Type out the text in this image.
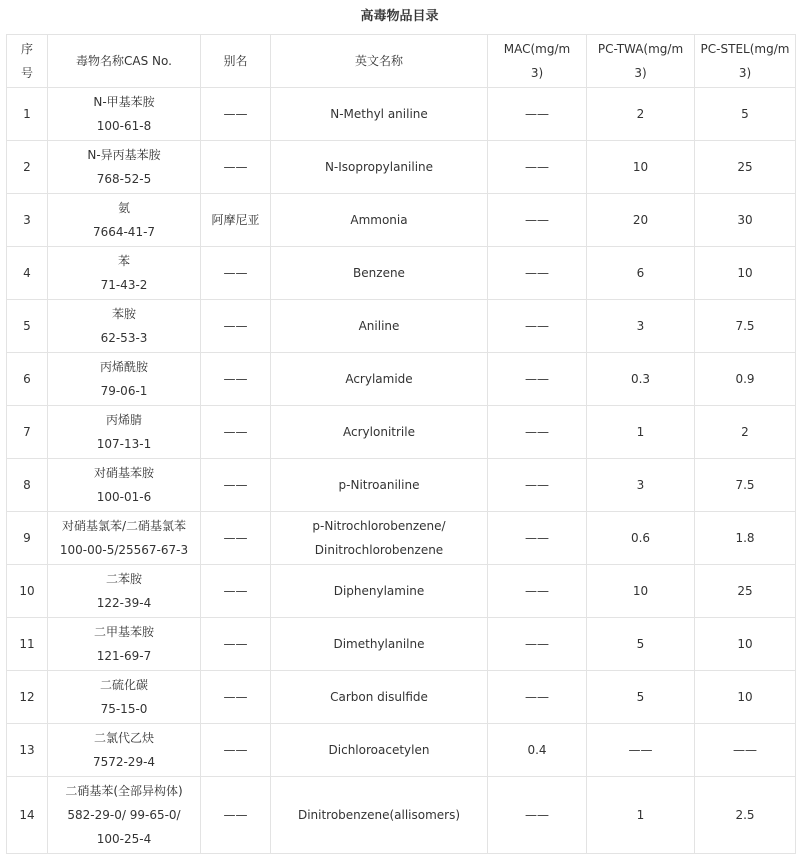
高毒物品目录
序
号	毒物名称CAS No.	别名	英文名称	MAC(mg/m
3)	PC-TWA(mg/m
3)	PC-STEL(mg/m
3)

1	N-甲基苯胺
100-61-8	——	N-Methyl aniline	——	2	5

2	N-异丙基苯胺
768-52-5	——	N-Isopropylaniline	——	10	25

3	氨
7664-41-7	阿摩尼亚	Ammonia	——	20	30

4	苯
71-43-2	——	Benzene	——	6	10

5	苯胺
62-53-3	——	Aniline	——	3	7.5

6	丙烯酰胺
79-06-1	——	Acrylamide	——	0.3	0.9

7	丙烯腈
107-13-1	——	Acrylonitrile	——	1	2

8	对硝基苯胺
100-01-6	——	p-Nitroaniline	——	3	7.5

9	对硝基氯苯/二硝基氯苯
100-00-5/25567-67-3	——	p-Nitrochlorobenzene/
Dinitrochlorobenzene	——	0.6	1.8

10	二苯胺
122-39-4	——	Diphenylamine	——	10	25

11	二甲基苯胺
121-69-7	——	Dimethylanilne	——	5	10

12	二硫化碳
75-15-0	——	Carbon disulfide	——	5	10

13	二氯代乙炔
7572-29-4	——	Dichloroacetylen	0.4	——	——

14	二硝基苯(全部异构体)
582-29-0/ 99-65-0/
100-25-4	——	Dinitrobenzene(allisomers)	——	1	2.5
